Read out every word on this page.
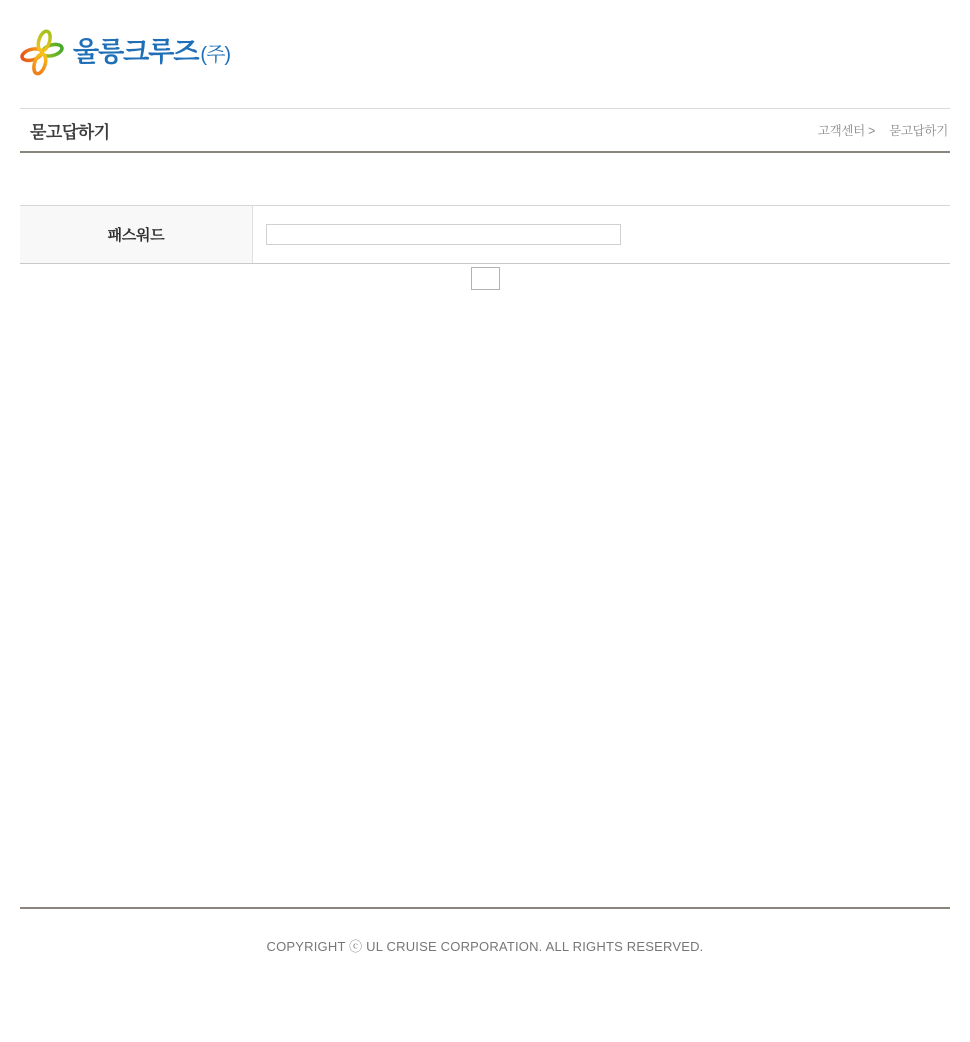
울릉크루즈 (주)
묻고답하기	고객센터 > 묻고답하기
패스워드
COPYRIGHT ⓒ UL CRUISE CORPORATION. ALL RIGHTS RESERVED.
